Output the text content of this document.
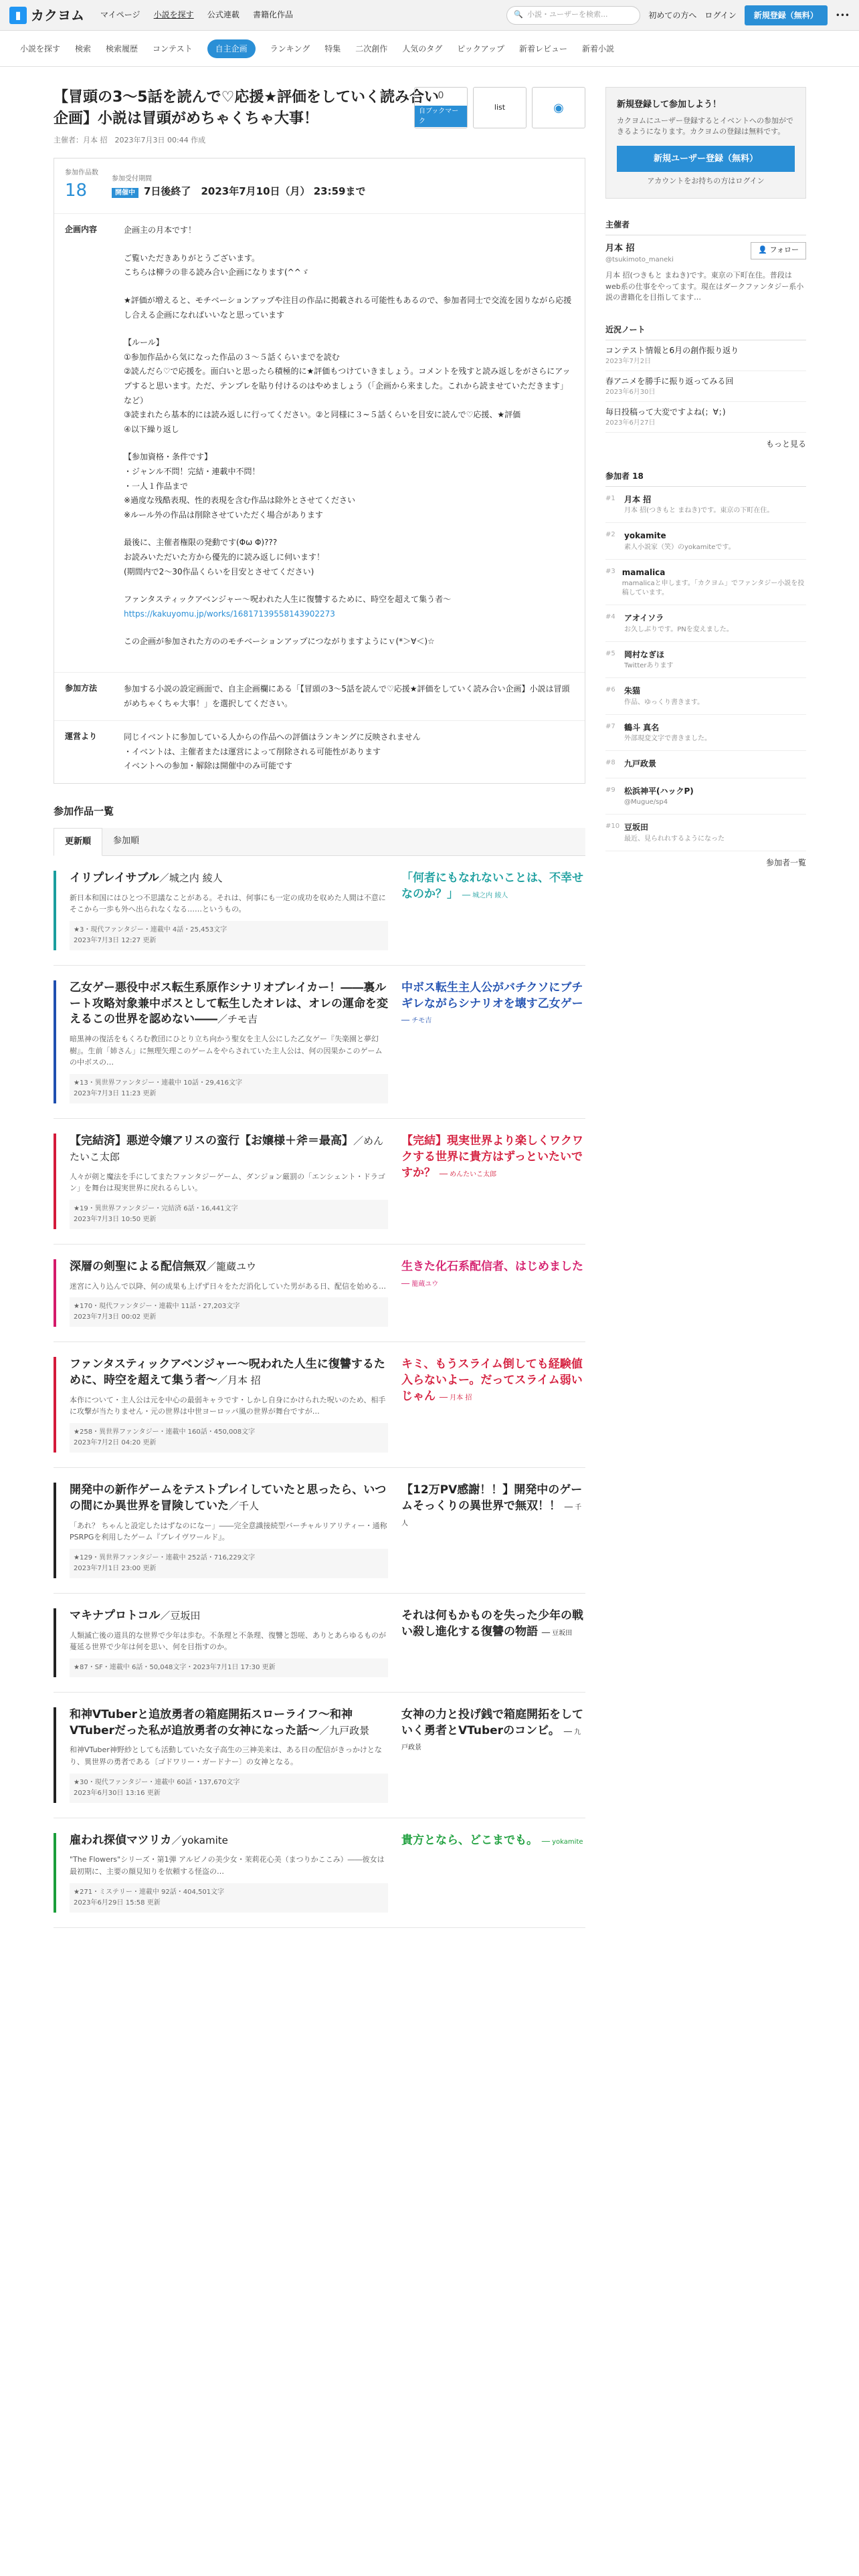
▮ カクヨム マイページ 小説を探す 公式連載 書籍化作品	🔍 小説・ユーザーを検索...	初めての方へ ログイン	新規登録（無料）	•••
小説を探す 検索 検索履歴 コンテスト	自主企画	ランキング 特集 二次創作 人気のタグ ピックアップ 新着レビュー 新着小説
【冒頭の3〜5話を読んで♡応援★評価をしていく読み合い企画】小説は冒頭がめちゃくちゃ大事！
0
自ブックマーク
list	◉
主催者：月本 招　 2023年7月3日 00:44 作成
参加作品数
18
参加受付期間
開催中 7日後終了　 2023年7月10日（月） 23:59まで
企画内容	企画主の月本です！
ご覧いただきありがとうございます。
こちらは柳ラの非る読み合い企画になります(^^ゞ
★評価が増えると、モチベーションアップや注目の作品に掲載される可能性もあるので、参加者同士で交流を図りながら応援し合える企画になればいいなと思っています
【ルール】
①参加作品から気になった作品の３〜５話くらいまでを読む
②読んだら♡で応援を。面白いと思ったら積極的に★評価もつけていきましょう。コメントを残すと読み返しをがさらにアップすると思います。ただ、テンプレを貼り付けるのはやめましょう（「企画から来ました。これから読ませていただきます」など）
③読まれたら基本的には読み返しに行ってください。②と同様に３~５話くらいを目安に読んで♡応援、★評価
④以下繰り返し
【参加資格・条件です】
・ジャンル不問！完結・連載中不問！
・一人１作品まで
※過度な残酷表現、性的表現を含む作品は除外とさせてください
※ルール外の作品は削除させていただく場合があります
最後に、主催者権限の発動です(Φω Φ)???
お読みいただいた方から優先的に読み返しに伺います！
(期間内で2〜30作品くらいを目安とさせてください)
ファンタスティックアベンジャー〜呪われた人生に復讐するために、時空を超えて集う者〜
https://kakuyomu.jp/works/16817139558143902273
この企画が参加された方ののモチベーションアップにつながりますようにｖ(*＞∀＜)☆
参加方法	参加する小説の設定画面で、自主企画欄にある「【冒頭の3〜5話を読んで♡応援★評価をしていく読み合い企画】小説は冒頭がめちゃくちゃ大事！」を選択してください。
運営より	同じイベントに参加している人からの作品への評価はランキングに反映されません
・イベントは、主催者または運営によって削除される可能性があります
イベントへの参加・解除は開催中のみ可能です
参加作品一覧
更新順	参加順
イリプレイサブル／城之内 綾人
新日本和国にはひとつ不思議なことがある。それは、何事にも一定の成功を収めた人間は不意にそこから一歩も外へ出られなくなる……というもの。
★3・現代ファンタジー・連載中 4話・25,453文字
2023年7月3日 12:27 更新
「何者にもなれないことは、不幸せなのか？」 ── 城之内 綾人
乙女ゲー悪役中ボス転生系原作シナリオブレイカー！――裏ルート攻略対象兼中ボスとして転生したオレは、オレの運命を変えるこの世界を認めない――／チモ吉
暗黒神の復活をもくろむ教団にひとり立ち向かう聖女を主人公にした乙女ゲー『失楽園と夢幻樹』。生前「姉さん」に無理矢理このゲームをやらされていた主人公は、何の因果かこのゲームの中ボスの…
★13・異世界ファンタジー・連載中 10話・29,416文字
2023年7月3日 11:23 更新
中ボス転生主人公がバチクソにブチギレながらシナリオを壊す乙女ゲー ── チモ吉
【完結済】悪逆令嬢アリスの蛮行【お嬢様＋斧＝最高】／めんたいこ太郎
人々が剣と魔法を手にしてまたファンタジーゲーム、ダンジョン厳罰の「エンシェント・ドラゴン」を舞台は現実世界に戻れるらしい。
★19・異世界ファンタジー・完結済 6話・16,441文字
2023年7月3日 10:50 更新
【完結】現実世界より楽しくワクワクする世界に貴方はずっといたいですか？ ── めんたいこ太郎
深層の剣聖による配信無双／籠蔵ユウ
迷宮に入り込んで以降、何の成果も上げず日々をただ消化していた男がある日、配信を始める…
★170・現代ファンタジー・連載中 11話・27,203文字
2023年7月3日 00:02 更新
生きた化石系配信者、はじめました ── 籠蔵ユウ
ファンタスティックアベンジャー〜呪われた人生に復讐するために、時空を超えて集う者〜／月本 招
本作について・主人公は元を中心の最弱キャラです・しかし自身にかけられた呪いのため、相手に攻撃が当たりません・元の世界は中世ヨーロッパ風の世界が舞台ですが…
★258・異世界ファンタジー・連載中 160話・450,008文字
2023年7月2日 04:20 更新
キミ、もうスライム倒しても経験値入らないよー。だってスライム弱いじゃん ── 月本 招
開発中の新作ゲームをテストプレイしていたと思ったら、いつの間にか異世界を冒険していた／千人
「あれ？ ちゃんと設定したはずなのになー」――完全意識接続型バーチャルリアリティー・通称PSRPGを利用したゲーム『ブレイヴワールド』。
★129・異世界ファンタジー・連載中 252話・716,229文字
2023年7月1日 23:00 更新
【12万PV感謝！！】開発中のゲームそっくりの異世界で無双！！ ── 千人
マキナプロトコル／豆坂田
人類滅亡後の道具的な世界で少年は歩む。不条理と不条理、復讐と怨嗟、ありとあらゆるものが蔓延る世界で少年は何を思い、何を目指すのか。
★87・SF・連載中 6話・50,048文字・2023年7月1日 17:30 更新
それは何もかものを失った少年の戦い殺し進化する復讐の物語 ── 豆坂田
和神VTuberと追放勇者の箱庭開拓スローライフ〜和神VTuberだった私が追放勇者の女神になった話〜／九戸政景
和神VTuber神野紗としても活動していた女子高生の三神美来は、ある日の配信がきっかけとなり、異世界の勇者である〔ゴドワリー・ガードナー〕の女神となる。
★30・現代ファンタジー・連載中 60話・137,670文字
2023年6月30日 13:16 更新
女神の力と投げ銭で箱庭開拓をしていく勇者とVTuberのコンビ。 ── 九戸政景
雇われ探偵マツリカ／yokamite
"The Flowers"シリーズ・第1弾 アルビノの美少女・茉莉花心美（まつりかここみ）――彼女は最初期に、主要の顔見知りを依頼する怪盗の…
★271・ミステリー・連載中 92話・404,501文字
2023年6月29日 15:58 更新
貴方となら、どこまでも。 ── yokamite
新規登録して参加しよう！

カクヨムにユーザー登録するとイベントへの参加ができるようになります。カクヨムの登録は無料です。

新規ユーザー登録（無料）

アカウントをお持ちの方はログイン

主催者
月本 招
@tsukimoto_maneki
👤 フォロー

月本 招(つきもと まねき)です。東京の下町在住。普段はweb系の仕事をやってます。現在はダークファンタジー系小説の書籍化を目指してます…

近況ノート
コンテスト情報と6月の創作振り返り
2023年7月2日
春アニメを勝手に振り返ってみる回
2023年6月30日
毎日投稿って大変ですよね(；∀；)
2023年6月27日
もっと見る
参加者 18
#1 月本 招
月本 招(つきもと まねき)です。東京の下町在住。
#2 yokamite
素人小説家（笑）のyokamiteです。
#3 mamalica
mamalicaと申します。「カクヨム」でファンタジー小説を投稿しています。
#4 アオイソラ
お久しぶりです。PNを変えました。
#5 岡村なぎほ
Twitterあります
#6 朱猫
作品、ゆっくり書きます。
#7 鶴斗 真名
外部現変文字で書きました。
#8 九戸政景
#9 松浜神平(ハックP)
@Mugue/sp4
#10 豆坂田
最近、見られれするようになった
参加者一覧
